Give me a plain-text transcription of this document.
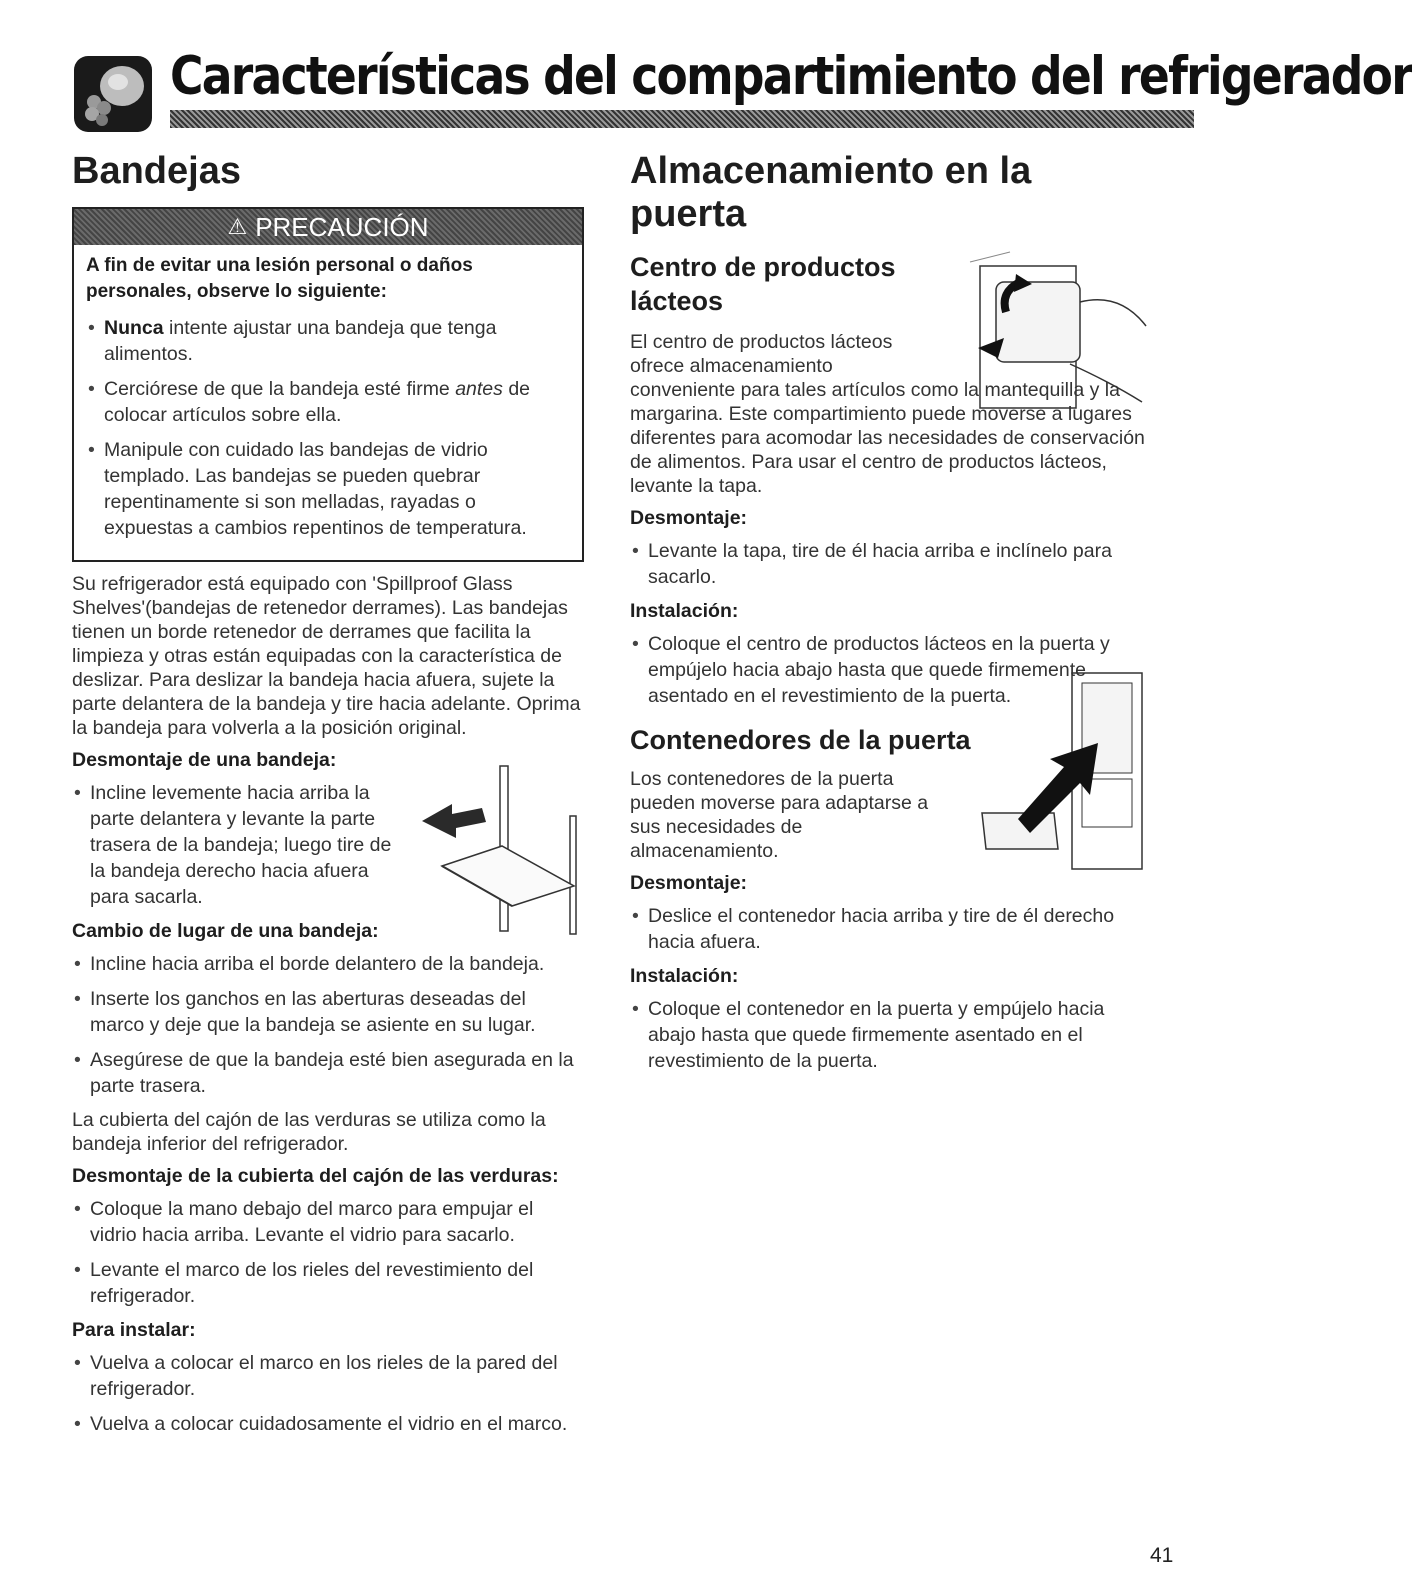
Características del compartimiento del refrigerador
Bandejas
⚠ PRECAUCIÓN

A fin de evitar una lesión personal o daños personales, observe lo siguiente:

• Nunca intente ajustar una bandeja que tenga alimentos.
• Cerciórese de que la bandeja esté firme antes de colocar artículos sobre ella.
• Manipule con cuidado las bandejas de vidrio templado. Las bandejas se pueden quebrar repentinamente si son melladas, rayadas o expuestas a cambios repentinos de temperatura.

Su refrigerador está equipado con 'Spillproof Glass Shelves'(bandejas de retenedor derrames). Las bandejas tienen un borde retenedor de derrames que facilita la limpieza y otras están equipadas con la característica de deslizar. Para deslizar la bandeja hacia afuera, sujete la parte delantera de la bandeja y tire hacia adelante. Oprima la bandeja para volverla a la posición original.

Desmontaje de una bandeja:
• Incline levemente hacia arriba la parte delantera y levante la parte trasera de la bandeja; luego tire de la bandeja derecho hacia afuera para sacarla.
Cambio de lugar de una bandeja:
• Incline hacia arriba el borde delantero de la bandeja.
• Inserte los ganchos en las aberturas deseadas del marco y deje que la bandeja se asiente en su lugar.
• Asegúrese de que la bandeja esté bien asegurada en la parte trasera.

La cubierta del cajón de las verduras se utiliza como la bandeja inferior del refrigerador.

Desmontaje de la cubierta del cajón de las verduras:
• Coloque la mano debajo del marco para empujar el vidrio hacia arriba. Levante el vidrio para sacarlo.
• Levante el marco de los rieles del revestimiento del refrigerador.
Para instalar:
• Vuelva a colocar el marco en los rieles de la pared del refrigerador.
• Vuelva a colocar cuidadosamente el vidrio en el marco.
Almacenamiento en la puerta
Centro de productos lácteos

El centro de productos lácteos ofrece almacenamiento

conveniente para tales artículos como la mantequilla y la margarina. Este compartimiento puede moverse a lugares diferentes para acomodar las necesidades de conservación de alimentos. Para usar el centro de productos lácteos, levante la tapa.

Desmontaje:
• Levante la tapa, tire de él hacia arriba e inclínelo para sacarlo.
Instalación:
• Coloque el centro de productos lácteos en la puerta y empújelo hacia abajo hasta que quede firmemente asentado en el revestimiento de la puerta.
Contenedores de la puerta

Los contenedores de la puerta pueden moverse para adaptarse a sus necesidades de almacenamiento.

Desmontaje:
• Deslice el contenedor hacia arriba y tire de él derecho hacia afuera.
Instalación:
• Coloque el contenedor en la puerta y empújelo hacia abajo hasta que quede firmemente asentado en el revestimiento de la puerta.
41
